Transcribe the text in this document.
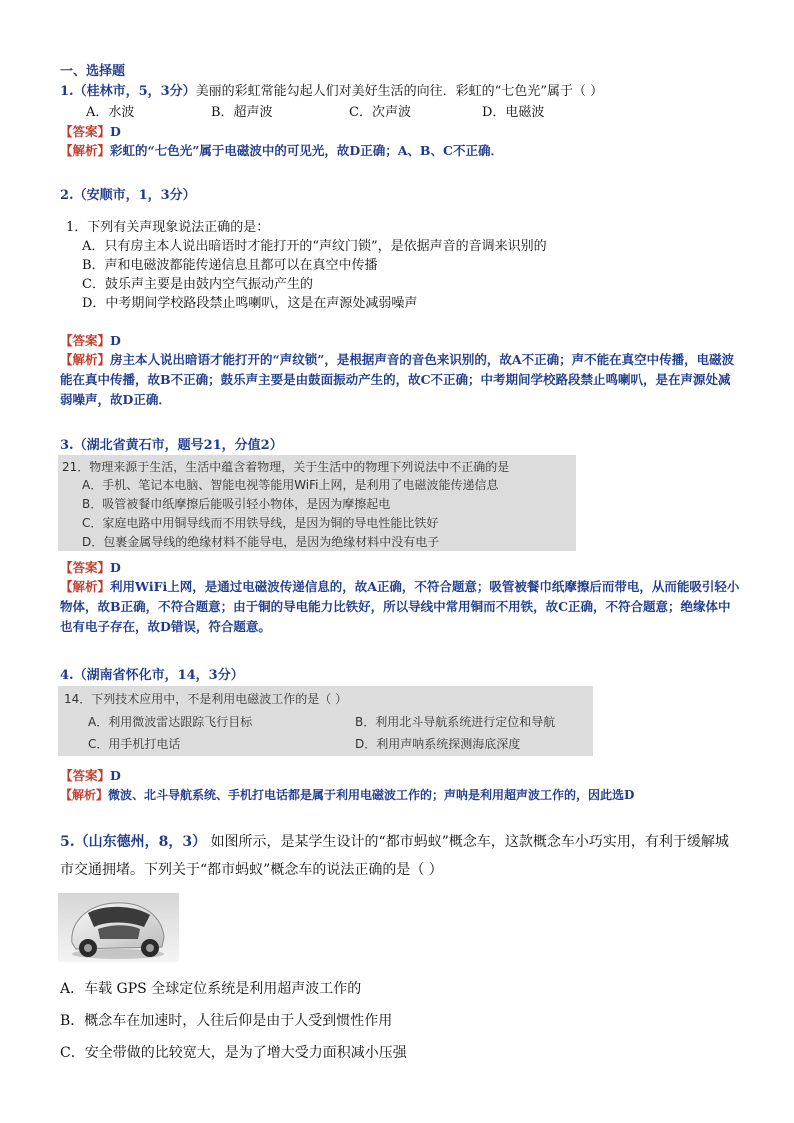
一、选择题
1.（桂林市，5，3分）美丽的彩虹常能勾起人们对美好生活的向往．彩虹的“七色光”属于（ ）
A．水波	B．超声波	C．次声波	D．电磁波
【答案】D
【解析】彩虹的“七色光”属于电磁波中的可见光，故D正确；A、B、C不正确．
2.（安顺市，1，3分）
1．下列有关声现象说法正确的是：
A．只有房主本人说出暗语时才能打开的“声纹门锁”，是依据声音的音调来识别的
B．声和电磁波都能传递信息且都可以在真空中传播
C．鼓乐声主要是由鼓内空气振动产生的
D．中考期间学校路段禁止鸣喇叭，这是在声源处减弱噪声
【答案】D
【解析】房主本人说出暗语才能打开的“声纹锁”，是根据声音的音色来识别的，故A不正确；声不能在真空中传播，电磁波能在真中传播，故B不正确；鼓乐声主要是由鼓面振动产生的，故C不正确；中考期间学校路段禁止鸣喇叭，是在声源处减弱噪声，故D正确．
3.（湖北省黄石市，题号21，分值2）
21．物理来源于生活，生活中蕴含着物理，关于生活中的物理下列说法中不正确的是
A．手机、笔记本电脑、智能电视等能用WiFi上网，是利用了电磁波能传递信息
B．吸管被餐巾纸摩擦后能吸引轻小物体，是因为摩擦起电
C．家庭电路中用铜导线而不用铁导线，是因为铜的导电性能比铁好
D．包裹金属导线的绝缘材料不能导电，是因为绝缘材料中没有电子
【答案】D
【解析】利用WiFi上网，是通过电磁波传递信息的，故A正确，不符合题意；吸管被餐巾纸摩擦后而带电，从而能吸引轻小物体，故B正确，不符合题意；由于铜的导电能力比铁好，所以导线中常用铜而不用铁，故C正确，不符合题意；绝缘体中也有电子存在，故D错误，符合题意。
4.（湖南省怀化市，14，3分）
14．下列技术应用中，不是利用电磁波工作的是（ ）
A．利用微波雷达跟踪飞行目标	B．利用北斗导航系统进行定位和导航
C．用手机打电话	D．利用声呐系统探测海底深度
【答案】D
【解析】微波、北斗导航系统、手机打电话都是属于利用电磁波工作的；声呐是利用超声波工作的，因此选D
5.（山东德州，8，3） 如图所示，是某学生设计的“都市蚂蚁”概念车，这款概念车小巧实用，有利于缓解城市交通拥堵。下列关于“都市蚂蚁”概念车的说法正确的是（ ）
A．车载 GPS 全球定位系统是利用超声波工作的
B．概念车在加速时，人往后仰是由于人受到惯性作用
C．安全带做的比较宽大，是为了增大受力面积减小压强
